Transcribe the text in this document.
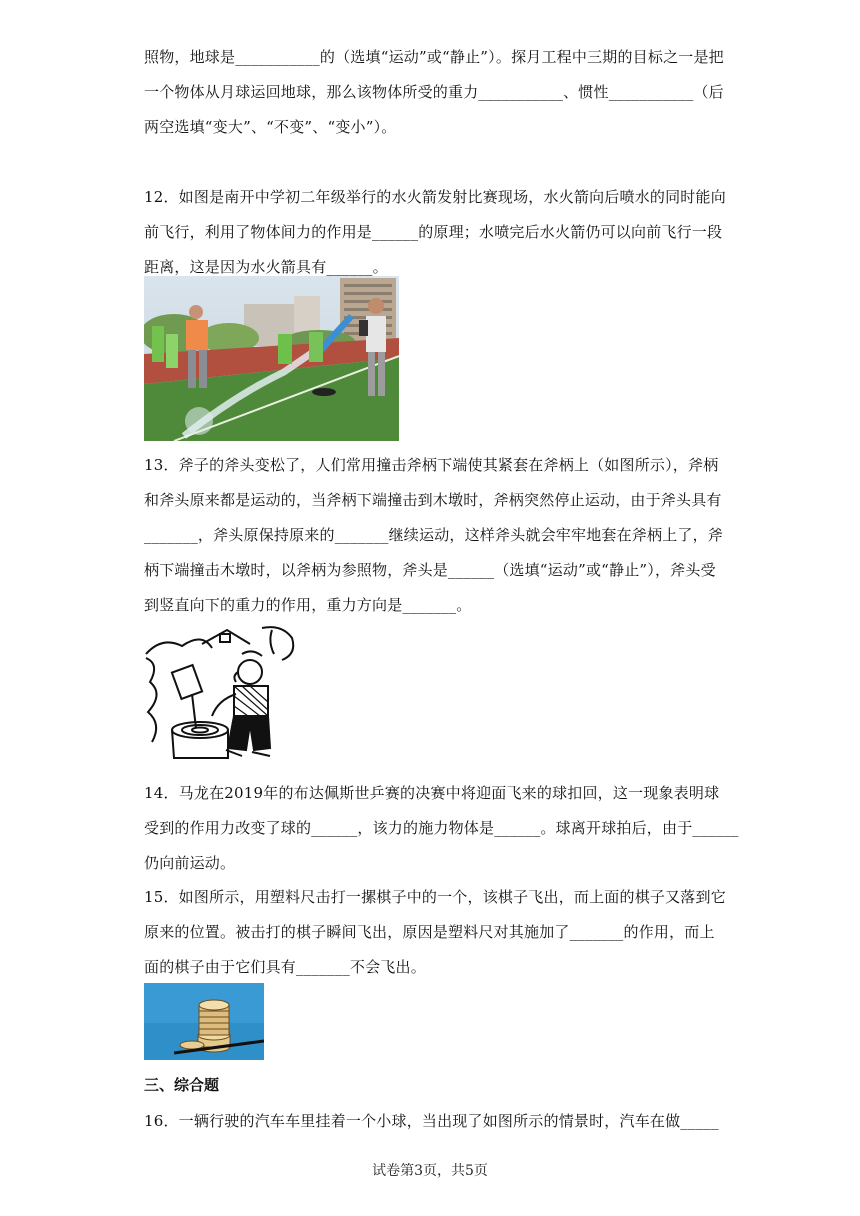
照物，地球是___________的（选填“运动”或“静止”）。探月工程中三期的目标之一是把
一个物体从月球运回地球，那么该物体所受的重力___________、惯性___________（后
两空选填“变大”、“不变”、“变小”）。
12．如图是南开中学初二年级举行的水火箭发射比赛现场，水火箭向后喷水的同时能向
前飞行，利用了物体间力的作用是______的原理；水喷完后水火箭仍可以向前飞行一段
距离，这是因为水火箭具有______。
13．斧子的斧头变松了，人们常用撞击斧柄下端使其紧套在斧柄上（如图所示），斧柄
和斧头原来都是运动的，当斧柄下端撞击到木墩时，斧柄突然停止运动，由于斧头具有
_______，斧头原保持原来的_______继续运动，这样斧头就会牢牢地套在斧柄上了，斧
柄下端撞击木墩时，以斧柄为参照物，斧头是______（选填“运动”或“静止”），斧头受
到竖直向下的重力的作用，重力方向是_______。
14．马龙在2019年的布达佩斯世乒赛的决赛中将迎面飞来的球扣回，这一现象表明球
受到的作用力改变了球的______，该力的施力物体是______。球离开球拍后，由于______
仍向前运动。
15．如图所示，用塑料尺击打一摞棋子中的一个，该棋子飞出，而上面的棋子又落到它
原来的位置。被击打的棋子瞬间飞出，原因是塑料尺对其施加了_______的作用，而上
面的棋子由于它们具有_______不会飞出。
三、综合题
16．一辆行驶的汽车车里挂着一个小球，当出现了如图所示的情景时，汽车在做_____
试卷第3页，共5页
